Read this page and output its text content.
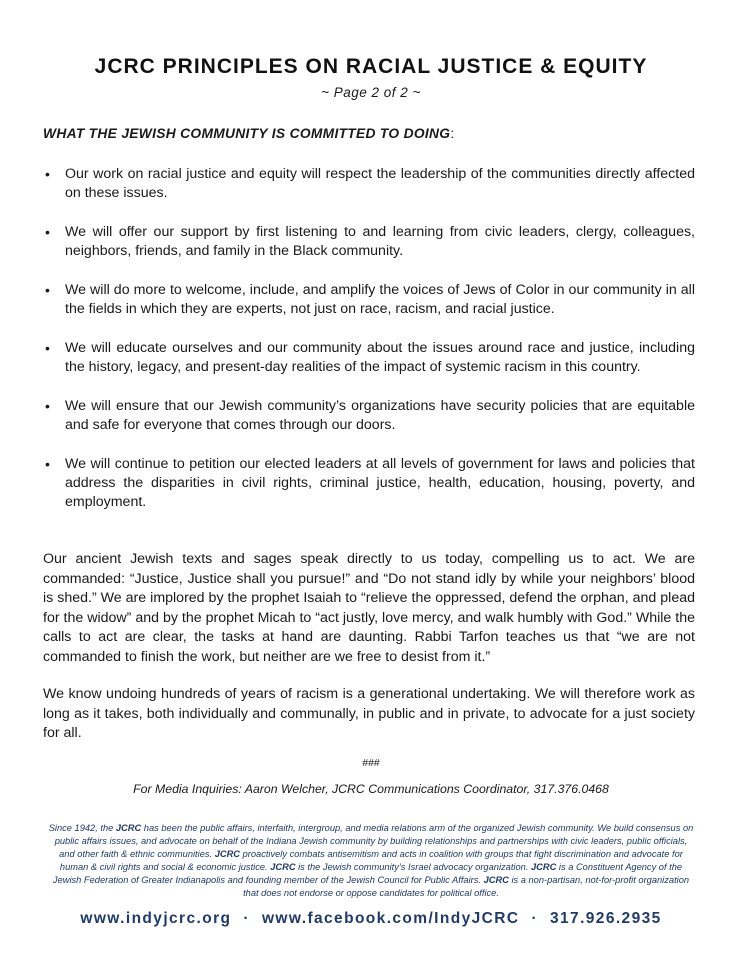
JCRC PRINCIPLES ON RACIAL JUSTICE & EQUITY
~ Page 2 of 2 ~
WHAT THE JEWISH COMMUNITY IS COMMITTED TO DOING:
• Our work on racial justice and equity will respect the leadership of the communities directly affected on these issues.
• We will offer our support by first listening to and learning from civic leaders, clergy, colleagues, neighbors, friends, and family in the Black community.
• We will do more to welcome, include, and amplify the voices of Jews of Color in our community in all the fields in which they are experts, not just on race, racism, and racial justice.
• We will educate ourselves and our community about the issues around race and justice, including the history, legacy, and present-day realities of the impact of systemic racism in this country.
• We will ensure that our Jewish community’s organizations have security policies that are equitable and safe for everyone that comes through our doors.
• We will continue to petition our elected leaders at all levels of government for laws and policies that address the disparities in civil rights, criminal justice, health, education, housing, poverty, and employment.
Our ancient Jewish texts and sages speak directly to us today, compelling us to act. We are commanded: “Justice, Justice shall you pursue!” and “Do not stand idly by while your neighbors’ blood is shed.” We are implored by the prophet Isaiah to “relieve the oppressed, defend the orphan, and plead for the widow” and by the prophet Micah to “act justly, love mercy, and walk humbly with God.” While the calls to act are clear, the tasks at hand are daunting. Rabbi Tarfon teaches us that “we are not commanded to finish the work, but neither are we free to desist from it.”
We know undoing hundreds of years of racism is a generational undertaking. We will therefore work as long as it takes, both individually and communally, in public and in private, to advocate for a just society for all.
###
For Media Inquiries: Aaron Welcher, JCRC Communications Coordinator, 317.376.0468
Since 1942, the JCRC has been the public affairs, interfaith, intergroup, and media relations arm of the organized Jewish community. We build consensus on public affairs issues, and advocate on behalf of the Indiana Jewish community by building relationships and partnerships with civic leaders, public officials, and other faith & ethnic communities. JCRC proactively combats antisemitism and acts in coalition with groups that fight discrimination and advocate for human & civil rights and social & economic justice. JCRC is the Jewish community’s Israel advocacy organization. JCRC is a Constituent Agency of the Jewish Federation of Greater Indianapolis and founding member of the Jewish Council for Public Affairs. JCRC is a non-partisan, not-for-profit organization that does not endorse or oppose candidates for political office.
www.indyjcrc.org · www.facebook.com/IndyJCRC · 317.926.2935
